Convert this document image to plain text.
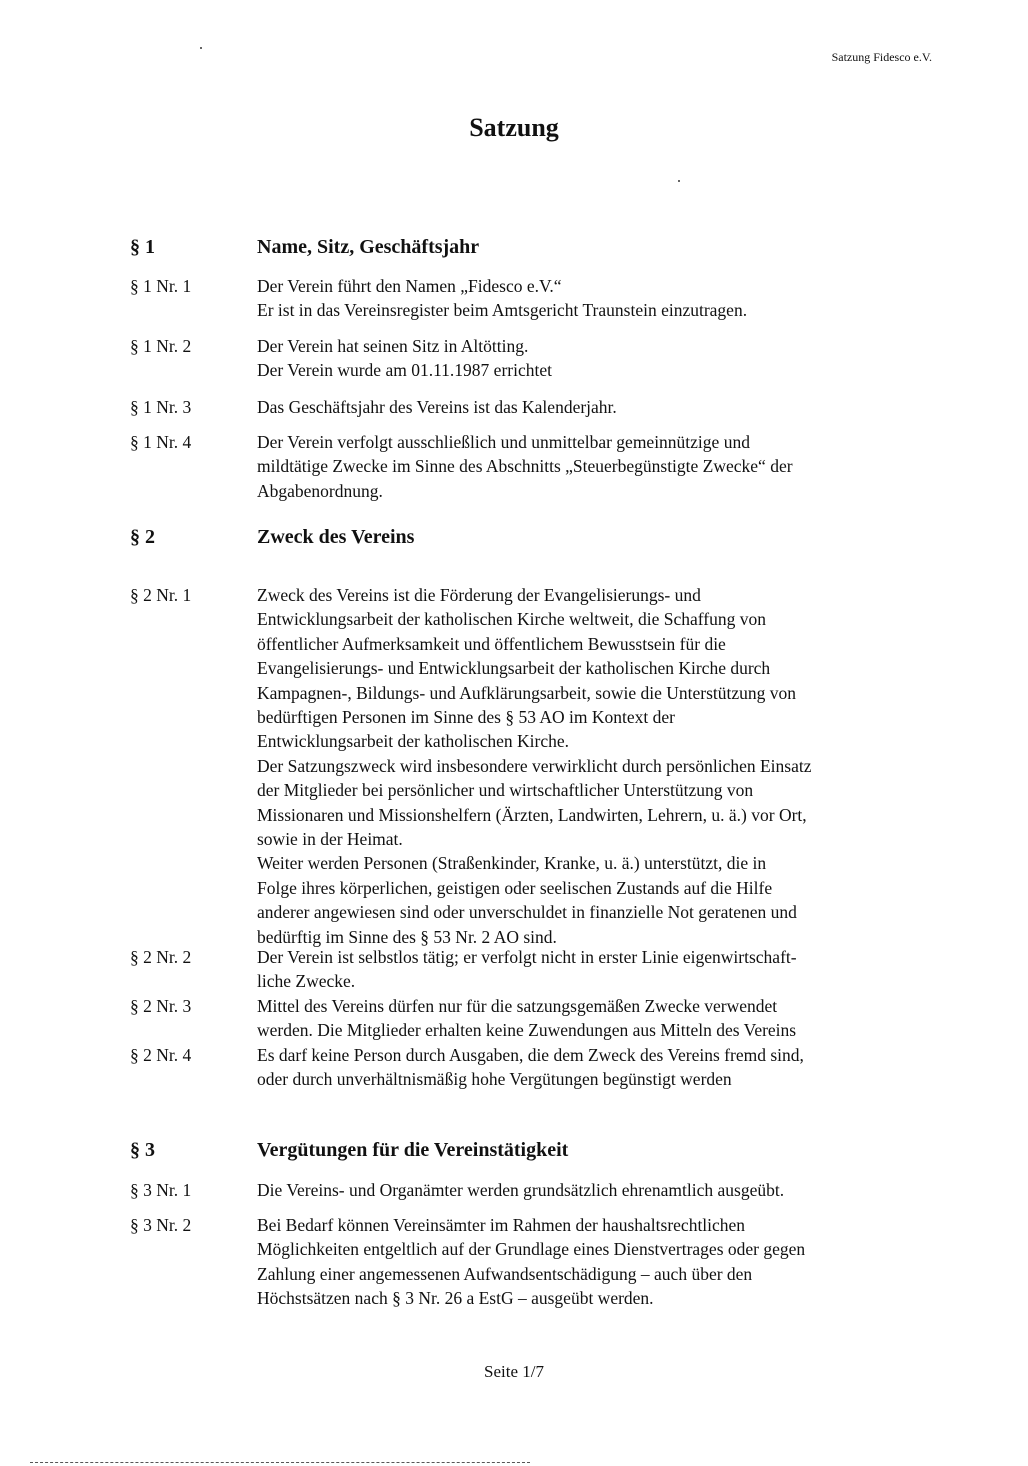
Satzung Fidesco e.V.
Satzung
§ 1	Name, Sitz, Geschäftsjahr
§ 1 Nr. 1	Der Verein führt den Namen „Fidesco e.V.“
Er ist in das Vereinsregister beim Amtsgericht Traunstein einzutragen.
§ 1 Nr. 2	Der Verein hat seinen Sitz in Altötting.
Der Verein wurde am 01.11.1987 errichtet
§ 1 Nr. 3	Das Geschäftsjahr des Vereins ist das Kalenderjahr.
§ 1 Nr. 4	Der Verein verfolgt ausschließlich und unmittelbar gemeinnützige und
mildtätige Zwecke im Sinne des Abschnitts „Steuerbegünstigte Zwecke“ der
Abgabenordnung.
§ 2	Zweck des Vereins
§ 2 Nr. 1	Zweck des Vereins ist die Förderung der Evangelisierungs- und
Entwicklungsarbeit der katholischen Kirche weltweit, die Schaffung von
öffentlicher Aufmerksamkeit und öffentlichem Bewusstsein für die
Evangelisierungs- und Entwicklungsarbeit der katholischen Kirche durch
Kampagnen-, Bildungs- und Aufklärungsarbeit, sowie die Unterstützung von
bedürftigen Personen im Sinne des § 53 AO im Kontext der
Entwicklungsarbeit der katholischen Kirche.
Der Satzungszweck wird insbesondere verwirklicht durch persönlichen Einsatz
der Mitglieder bei persönlicher und wirtschaftlicher Unterstützung von
Missionaren und Missionshelfern (Ärzten, Landwirten, Lehrern, u. ä.) vor Ort,
sowie in der Heimat.
Weiter werden Personen (Straßenkinder, Kranke, u. ä.) unterstützt, die in
Folge ihres körperlichen, geistigen oder seelischen Zustands auf die Hilfe
anderer angewiesen sind oder unverschuldet in finanzielle Not geratenen und
bedürftig im Sinne des § 53 Nr. 2 AO sind.
§ 2 Nr. 2	Der Verein ist selbstlos tätig; er verfolgt nicht in erster Linie eigenwirtschaft-
liche Zwecke.
§ 2 Nr. 3	Mittel des Vereins dürfen nur für die satzungsgemäßen Zwecke verwendet
werden. Die Mitglieder erhalten keine Zuwendungen aus Mitteln des Vereins
§ 2 Nr. 4	Es darf keine Person durch Ausgaben, die dem Zweck des Vereins fremd sind,
oder durch unverhältnismäßig hohe Vergütungen begünstigt werden
§ 3	Vergütungen für die Vereinstätigkeit
§ 3 Nr. 1	Die Vereins- und Organämter werden grundsätzlich ehrenamtlich ausgeübt.
§ 3 Nr. 2	Bei Bedarf können Vereinsämter im Rahmen der haushaltsrechtlichen
Möglichkeiten entgeltlich auf der Grundlage eines Dienstvertrages oder gegen
Zahlung einer angemessenen Aufwandsentschädigung – auch über den
Höchstsätzen nach § 3 Nr. 26 a EstG – ausgeübt werden.
Seite 1/7
